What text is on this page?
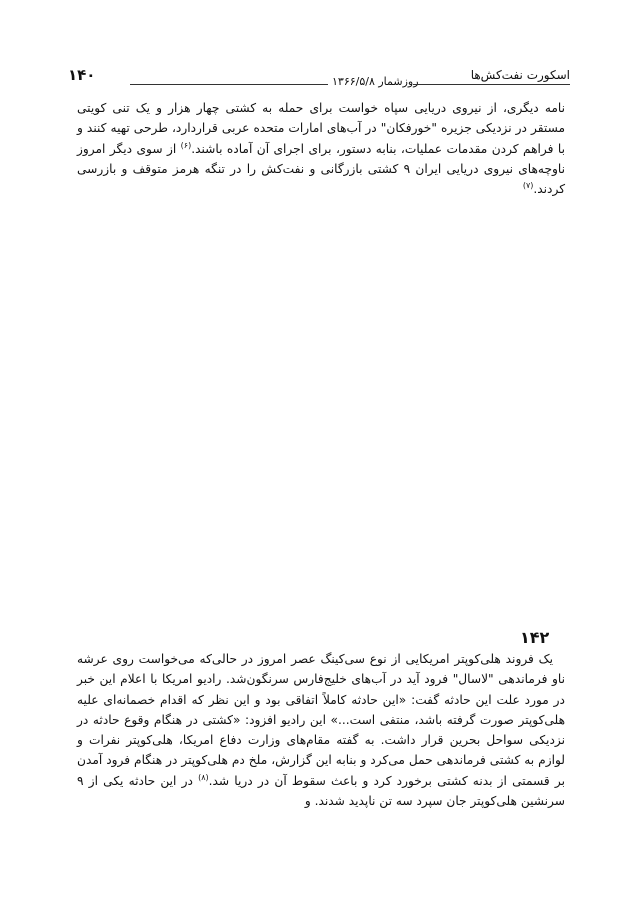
۱۴۰	روزشمار ۱۳۶۶/۵/۸	اسکورت نفت‌کش‌ها

نامه دیگری، از نیروی دریایی سپاه خواست برای حمله به کشتی چهار هزار و یک تنی کویتی مستقر در نزدیکی جزیره "خورفکان" در آب‌های امارات متحده عربی قراردارد، طرحی تهیه کنند و با فراهم کردن مقدمات عملیات، بنابه دستور، برای اجرای آن آماده باشند.$^{(۶)}$ از سوی دیگر امروز ناوچه‌های نیروی دریایی ایران ۹ کشتی بازرگانی و نفت‌کش را در تنگه هرمز متوقف و بازرسی کردند.$^{(۷)}$

۱۴۲

یک فروند هلی‌کوپتر امریکایی از نوع سی‌کینگ عصر امروز در حالی‌که می‌خواست روی عرشه ناو فرماندهی "لاسال" فرود آید در آب‌های خلیج‌فارس سرنگون‌شد. رادیو امریکا با اعلام این خبر در مورد علت این حادثه گفت: «این حادثه کاملاً اتفاقی بود و این نظر که اقدام خصمانه‌ای علیه هلی‌کوپتر صورت گرفته باشد، منتفی است...» این رادیو افزود: «کشتی در هنگام وقوع حادثه در نزدیکی سواحل بحرین قرار داشت. به گفته مقام‌های وزارت دفاع امریکا، هلی‌کوپتر نفرات و لوازم به کشتی فرماندهی حمل می‌کرد و بنابه این گزارش، ملخ دم هلی‌کوپتر در هنگام فرود آمدن بر قسمتی از بدنه کشتی برخورد کرد و باعث سقوط آن در دریا شد.$^{(۸)}$ در این حادثه یکی از ۹ سرنشین هلی‌کوپتر جان سپرد سه تن ناپدید شدند. و
